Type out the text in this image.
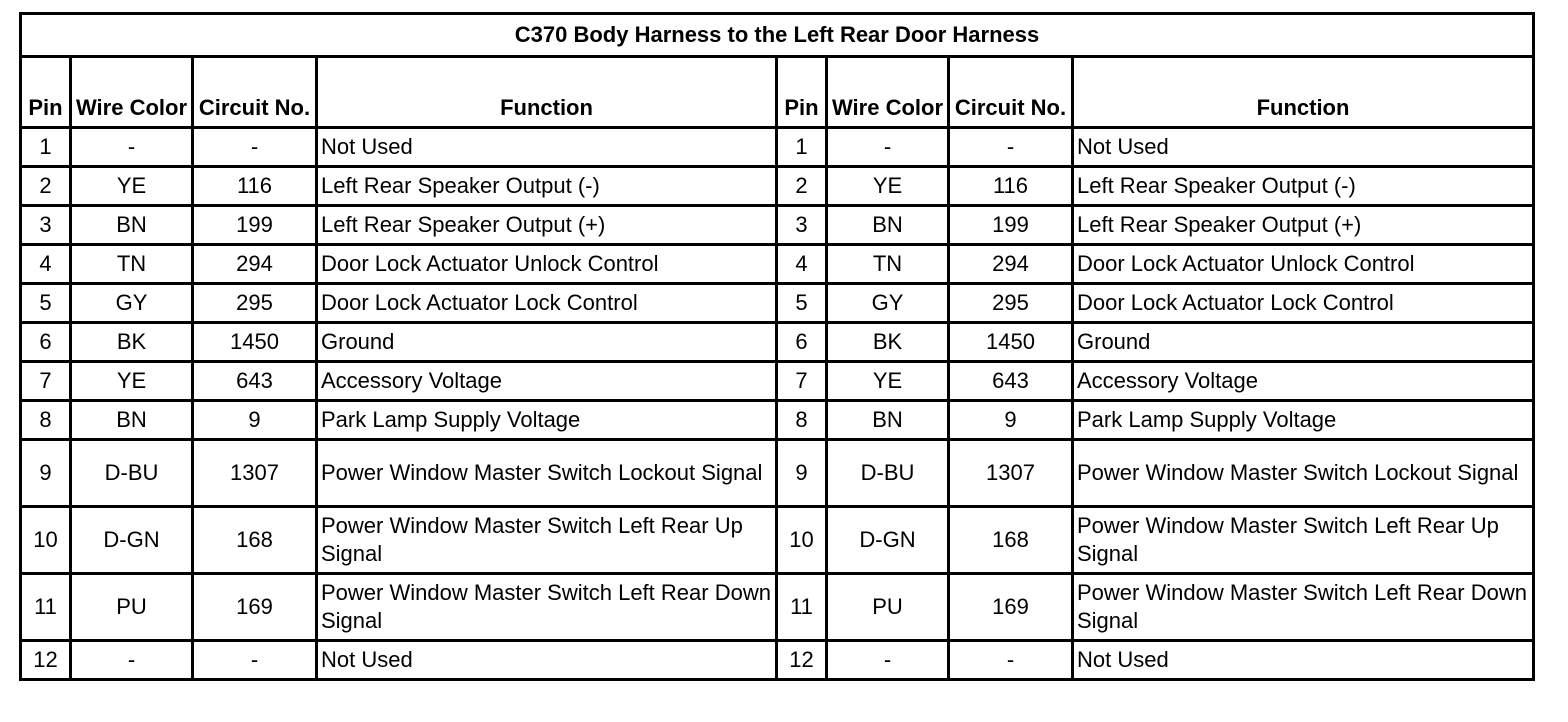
C370 Body Harness to the Left Rear Door Harness							
Pin	Wire Color	Circuit No.	Function	Pin	Wire Color	Circuit No.	Function
1	-	-	Not Used	1	-	-	Not Used
2	YE	116	Left Rear Speaker Output (-)	2	YE	116	Left Rear Speaker Output (-)
3	BN	199	Left Rear Speaker Output (+)	3	BN	199	Left Rear Speaker Output (+)
4	TN	294	Door Lock Actuator Unlock Control	4	TN	294	Door Lock Actuator Unlock Control
5	GY	295	Door Lock Actuator Lock Control	5	GY	295	Door Lock Actuator Lock Control
6	BK	1450	Ground	6	BK	1450	Ground
7	YE	643	Accessory Voltage	7	YE	643	Accessory Voltage
8	BN	9	Park Lamp Supply Voltage	8	BN	9	Park Lamp Supply Voltage
9	D-BU	1307	Power Window Master Switch Lockout Signal	9	D-BU	1307	Power Window Master Switch Lockout Signal
10	D-GN	168	Power Window Master Switch Left Rear Up Signal	10	D-GN	168	Power Window Master Switch Left Rear Up Signal
11	PU	169	Power Window Master Switch Left Rear Down Signal	11	PU	169	Power Window Master Switch Left Rear Down Signal
12	-	-	Not Used	12	-	-	Not Used
